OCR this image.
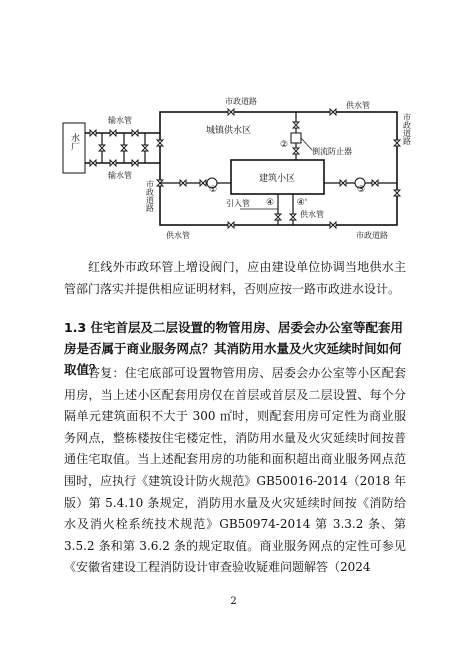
水厂
输水管
输水管
市政道路	供水管
市政道路
市政道路
供水管
供水管
市政道路
城镇供水区
建筑小区
倒流防止器
①
②
③
④	④'
引入管

红线外市政环管上增设阀门，应由建设单位协调当地供水主管部门落实并提供相应证明材料，否则应按一路市政进水设计。

1.3 住宅首层及二层设置的物管用房、居委会办公室等配套用房是否属于商业服务网点？其消防用水量及火灾延续时间如何取值？

答复：住宅底部可设置物管用房、居委会办公室等小区配套用房，当上述小区配套用房仅在首层或首层及二层设置、每个分隔单元建筑面积不大于 300 ㎡时，则配套用房可定性为商业服务网点，整栋楼按住宅楼定性，消防用水量及火灾延续时间按普通住宅取值。当上述配套用房的功能和面积超出商业服务网点范围时，应执行《建筑设计防火规范》GB50016-2014（2018 年版）第 5.4.10 条规定，消防用水量及火灾延续时间按《消防给水及消火栓系统技术规范》GB50974-2014 第 3.3.2 条、第 3.5.2 条和第 3.6.2 条的规定取值。商业服务网点的定性可参见《安徽省建设工程消防设计审查验收疑难问题解答（2024

2
